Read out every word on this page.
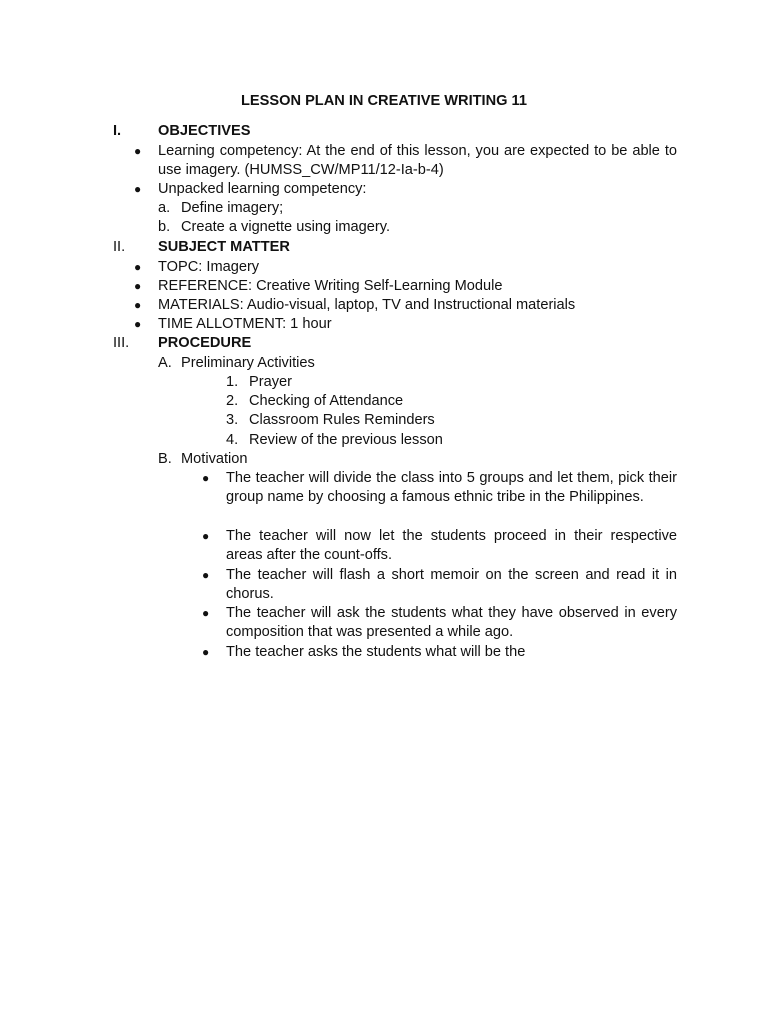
LESSON PLAN IN CREATIVE WRITING 11
I.	OBJECTIVES
● Learning competency: At the end of this lesson, you are expected to be able to use imagery. (HUMSS_CW/MP11/12-Ia-b-4)
● Unpacked learning competency:
a. Define imagery;
b. Create a vignette using imagery.
II. SUBJECT MATTER
● TOPC: Imagery
● REFERENCE: Creative Writing Self-Learning Module
● MATERIALS: Audio-visual, laptop, TV and Instructional materials
● TIME ALLOTMENT: 1 hour
III. PROCEDURE
A. Preliminary Activities
1. Prayer
2. Checking of Attendance
3. Classroom Rules Reminders
4. Review of the previous lesson
B. Motivation
● The teacher will divide the class into 5 groups and let them, pick their group name by choosing a famous ethnic tribe in the Philippines.
● The teacher will now let the students proceed in their respective areas after the count-offs.
● The teacher will flash a short memoir on the screen and read it in chorus.
● The teacher will ask the students what they have observed in every composition that was presented a while ago.
● The teacher asks the students what will be the
